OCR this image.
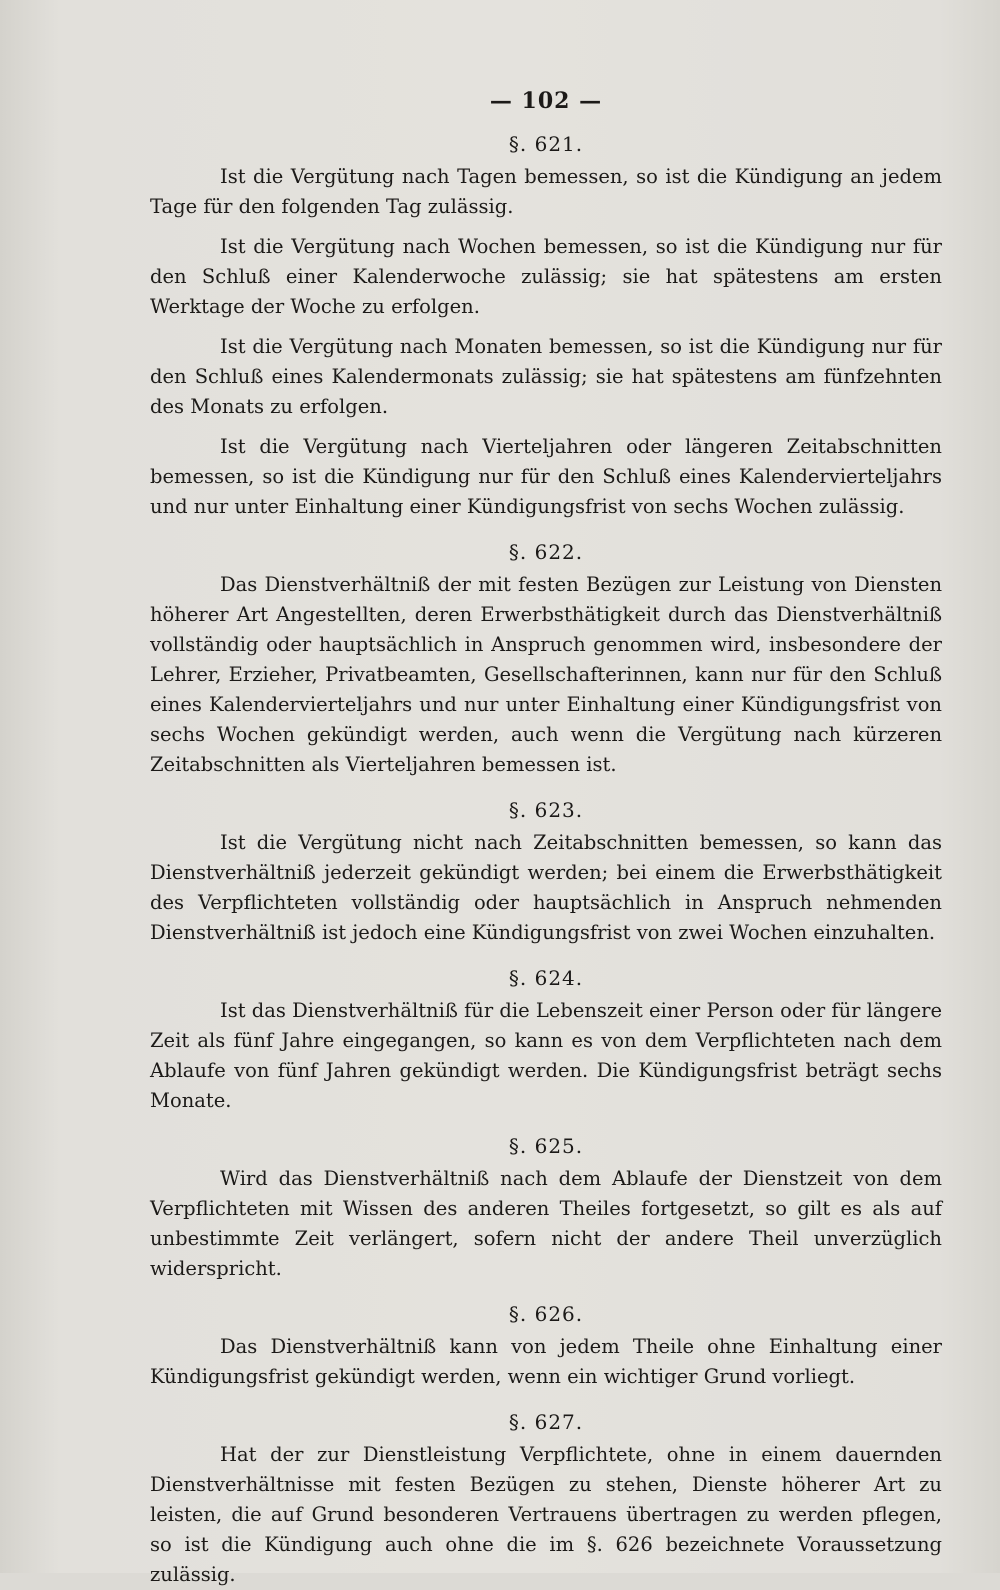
— 102 —
§. 621.

Ist die Vergütung nach Tagen bemessen, so ist die Kündigung an jedem Tage für den folgenden Tag zulässig.

Ist die Vergütung nach Wochen bemessen, so ist die Kündigung nur für den Schluß einer Kalenderwoche zulässig; sie hat spätestens am ersten Werktage der Woche zu erfolgen.

Ist die Vergütung nach Monaten bemessen, so ist die Kündigung nur für den Schluß eines Kalendermonats zulässig; sie hat spätestens am fünfzehnten des Monats zu erfolgen.

Ist die Vergütung nach Vierteljahren oder längeren Zeitabschnitten bemessen, so ist die Kündigung nur für den Schluß eines Kalendervierteljahrs und nur unter Einhaltung einer Kündigungsfrist von sechs Wochen zulässig.

§. 622.

Das Dienstverhältniß der mit festen Bezügen zur Leistung von Diensten höherer Art Angestellten, deren Erwerbsthätigkeit durch das Dienstverhältniß vollständig oder hauptsächlich in Anspruch genommen wird, insbesondere der Lehrer, Erzieher, Privatbeamten, Gesellschafterinnen, kann nur für den Schluß eines Kalendervierteljahrs und nur unter Einhaltung einer Kündigungsfrist von sechs Wochen gekündigt werden, auch wenn die Vergütung nach kürzeren Zeitabschnitten als Vierteljahren bemessen ist.

§. 623.

Ist die Vergütung nicht nach Zeitabschnitten bemessen, so kann das Dienstverhältniß jederzeit gekündigt werden; bei einem die Erwerbsthätigkeit des Verpflichteten vollständig oder hauptsächlich in Anspruch nehmenden Dienstverhältniß ist jedoch eine Kündigungsfrist von zwei Wochen einzuhalten.

§. 624.

Ist das Dienstverhältniß für die Lebenszeit einer Person oder für längere Zeit als fünf Jahre eingegangen, so kann es von dem Verpflichteten nach dem Ablaufe von fünf Jahren gekündigt werden. Die Kündigungsfrist beträgt sechs Monate.

§. 625.

Wird das Dienstverhältniß nach dem Ablaufe der Dienstzeit von dem Verpflichteten mit Wissen des anderen Theiles fortgesetzt, so gilt es als auf unbestimmte Zeit verlängert, sofern nicht der andere Theil unverzüglich widerspricht.

§. 626.

Das Dienstverhältniß kann von jedem Theile ohne Einhaltung einer Kündigungsfrist gekündigt werden, wenn ein wichtiger Grund vorliegt.

§. 627.

Hat der zur Dienstleistung Verpflichtete, ohne in einem dauernden Dienstverhältnisse mit festen Bezügen zu stehen, Dienste höherer Art zu leisten, die auf Grund besonderen Vertrauens übertragen zu werden pflegen, so ist die Kündigung auch ohne die im §. 626 bezeichnete Voraussetzung zulässig.
